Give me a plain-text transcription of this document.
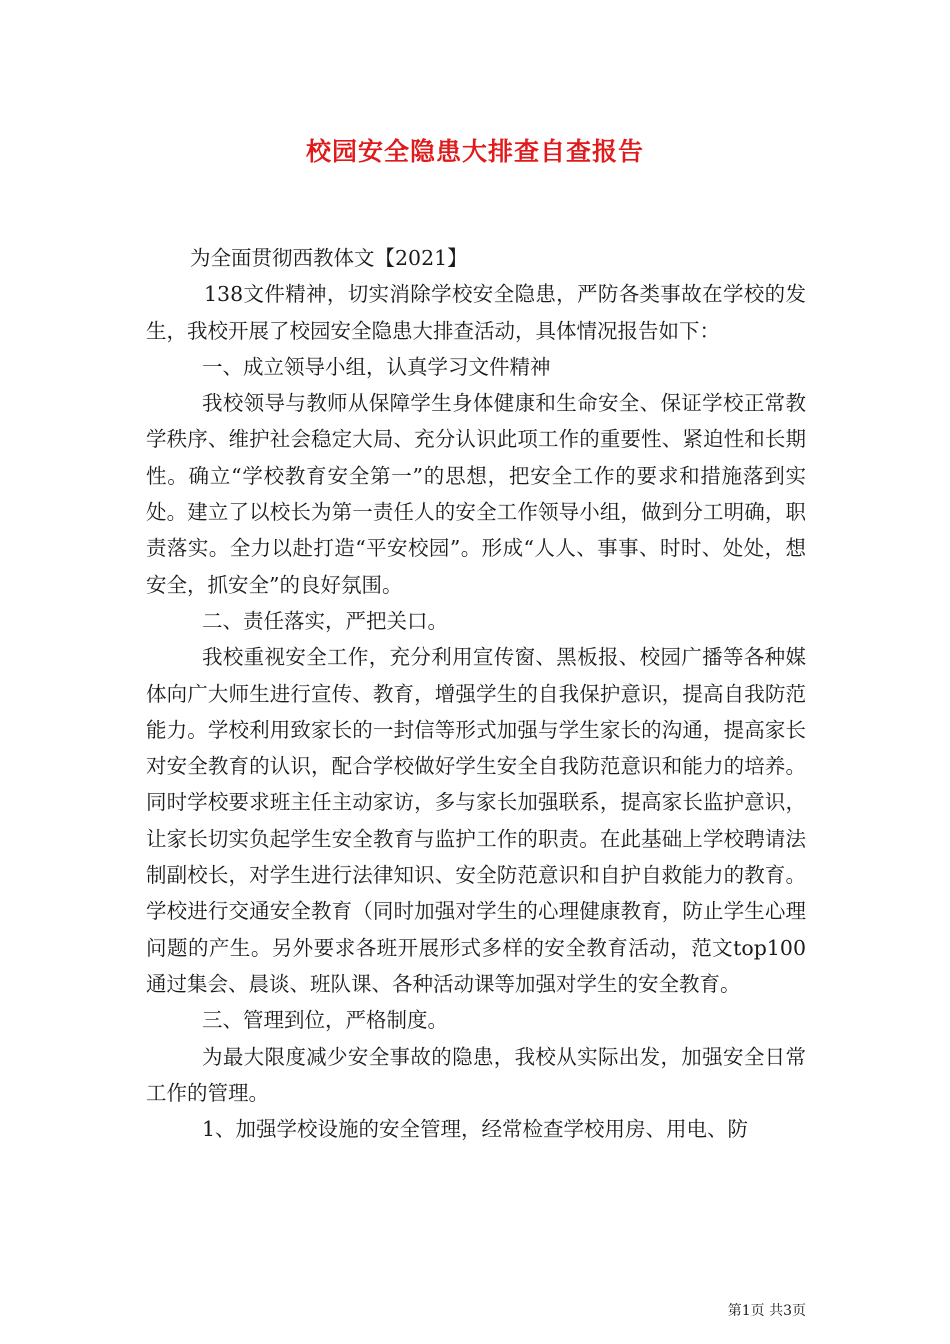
校园安全隐患大排查自查报告

为全面贯彻西教体文【2021】

138文件精神，切实消除学校安全隐患，严防各类事故在学校的发生，我校开展了校园安全隐患大排查活动，具体情况报告如下：

一、成立领导小组，认真学习文件精神

我校领导与教师从保障学生身体健康和生命安全、保证学校正常教学秩序、维护社会稳定大局、充分认识此项工作的重要性、紧迫性和长期性。确立“学校教育安全第一”的思想，把安全工作的要求和措施落到实处。建立了以校长为第一责任人的安全工作领导小组，做到分工明确，职责落实。全力以赴打造“平安校园”。形成“人人、事事、时时、处处，想安全，抓安全”的良好氛围。

二、责任落实，严把关口。

我校重视安全工作，充分利用宣传窗、黑板报、校园广播等各种媒体向广大师生进行宣传、教育，增强学生的自我保护意识，提高自我防范能力。学校利用致家长的一封信等形式加强与学生家长的沟通，提高家长对安全教育的认识，配合学校做好学生安全自我防范意识和能力的培养。同时学校要求班主任主动家访，多与家长加强联系，提高家长监护意识，让家长切实负起学生安全教育与监护工作的职责。在此基础上学校聘请法制副校长，对学生进行法律知识、安全防范意识和自护自救能力的教育。学校进行交通安全教育（同时加强对学生的心理健康教育，防止学生心理问题的产生。另外要求各班开展形式多样的安全教育活动，范文top100通过集会、晨谈、班队课、各种活动课等加强对学生的安全教育。

三、管理到位，严格制度。

为最大限度减少安全事故的隐患，我校从实际出发，加强安全日常工作的管理。

1、加强学校设施的安全管理，经常检查学校用房、用电、防

第1页 共3页
